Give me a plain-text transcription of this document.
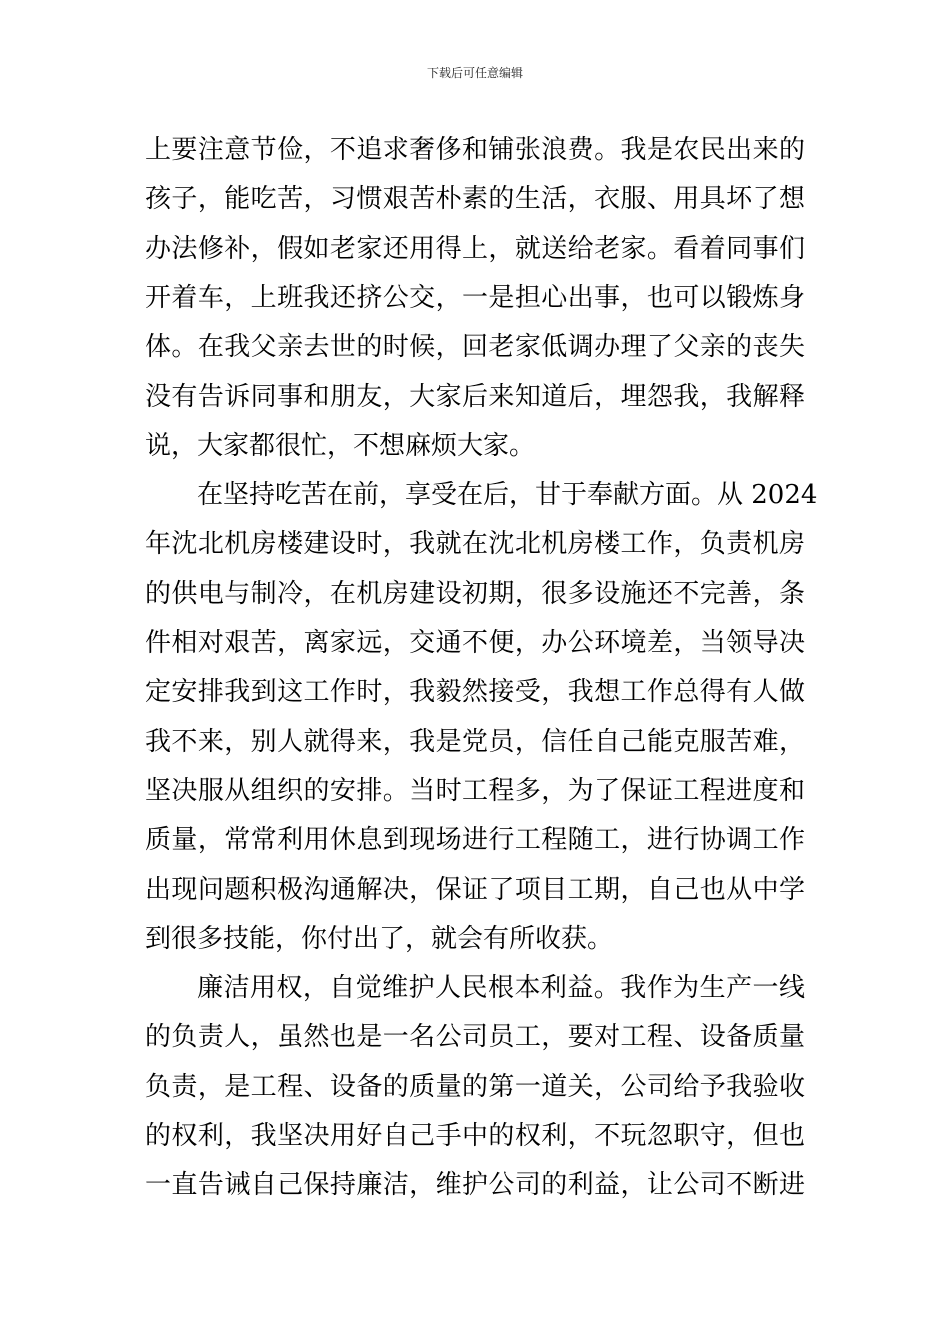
下载后可任意编辑
上要注意节俭，不追求奢侈和铺张浪费。我是农民出来的
孩子，能吃苦，习惯艰苦朴素的生活，衣服、用具坏了想
办法修补，假如老家还用得上，就送给老家。看着同事们
开着车，上班我还挤公交，一是担心出事，也可以锻炼身
体。在我父亲去世的时候，回老家低调办理了父亲的丧失
没有告诉同事和朋友，大家后来知道后，埋怨我，我解释
说，大家都很忙，不想麻烦大家。
在坚持吃苦在前，享受在后，甘于奉献方面。从 2024
年沈北机房楼建设时，我就在沈北机房楼工作，负责机房
的供电与制冷，在机房建设初期，很多设施还不完善，条
件相对艰苦，离家远，交通不便，办公环境差，当领导决
定安排我到这工作时，我毅然接受，我想工作总得有人做
我不来，别人就得来，我是党员，信任自己能克服苦难，
坚决服从组织的安排。当时工程多，为了保证工程进度和
质量，常常利用休息到现场进行工程随工，进行协调工作
出现问题积极沟通解决，保证了项目工期，自己也从中学
到很多技能，你付出了，就会有所收获。
廉洁用权，自觉维护人民根本利益。我作为生产一线
的负责人，虽然也是一名公司员工，要对工程、设备质量
负责，是工程、设备的质量的第一道关，公司给予我验收
的权利，我坚决用好自己手中的权利，不玩忽职守，但也
一直告诫自己保持廉洁，维护公司的利益，让公司不断进
